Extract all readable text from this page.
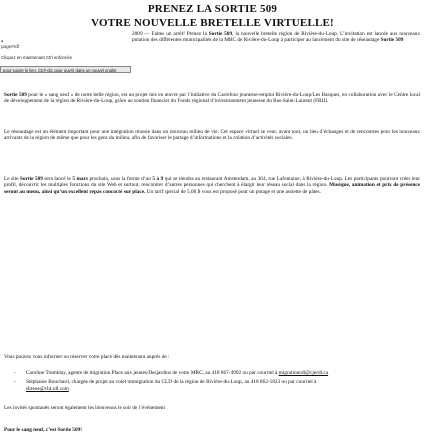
PRENEZ LA SORTIE 509
VOTRE NOUVELLE BRETELLE VIRTUELLE!
▪
page#rdf
Cliquez en maintenant Ctrl enfoncée
pour suivre le lien. Ctrl+clic pour ouvrir dans un nouvel onglet

2009 — Faites un arrêt! Prenez la Sortie 509, la nouvelle bretelle région de Rivière-du-Loup. L’invitation est lancée aux nouveaux pulation des différentes municipalités de la MRC de Rivière-du-Loup à participer au lancement du site de réseautage Sortie 509

Sortie 509 pour le « sang neuf » de notre belle région, est un projet mis en œuvre par l’initiative du Carrefour jeunesse-emploi Rivière-du-Loup/Les Basques, en collaboration avec le Centre local de développement de la région de Rivière-du-Loup, grâce au soutien financier du Fonds régional d’investissement jeunesse du Bas-Saint-Laurent (FRIJ).

Le réseautage est un élément important pour une intégration réussie dans un nouveau milieu de vie. Cet espace virtuel se veut, avant tout, un lieu d’échanges et de rencontres pour les nouveaux arrivants de la région de même que pour les gens du milieu, afin de favoriser le partage d’informations et la création d’activités sociales.

Le site Sortie 509 sera lancé le 5 mars prochain, sous la forme d’un 5 à 9 qui se tiendra au restaurant Amsterdam, au 364, rue Lafontaine, à Rivière-du-Loup. Les participants pourront créer leur profil, découvrir les multiples fonctions du site Web et surtout, rencontrer d’autres personnes qui cherchent à élargir leur réseau social dans la région. Musique, animation et prix de présence seront au menu, ainsi qu’un excellent repas concocté sur place. Un tarif spécial de 5,00 $ vous est proposé pour un potage et une assiette de pâtes.

Vous pouvez vous informer ou réserver votre place dès maintenant auprès de :

- Caroline Tremblay, agente de migration Place aux jeunes/Desjardins de votre MRC, au 418 867-4992 ou par courriel à migrationrdl@cjerdl.ca
- Stéphanie Bouchard, chargée de projet au volet immigration du CLD de la région de Rivière-du-Loup, au 418 862-1823 ou par courriel à sbreue@cld.rdl.com

Les invités spontanés seront également les bienvenus le soir de l’événement

Pour le sang neuf, c’est Sortie 509!
